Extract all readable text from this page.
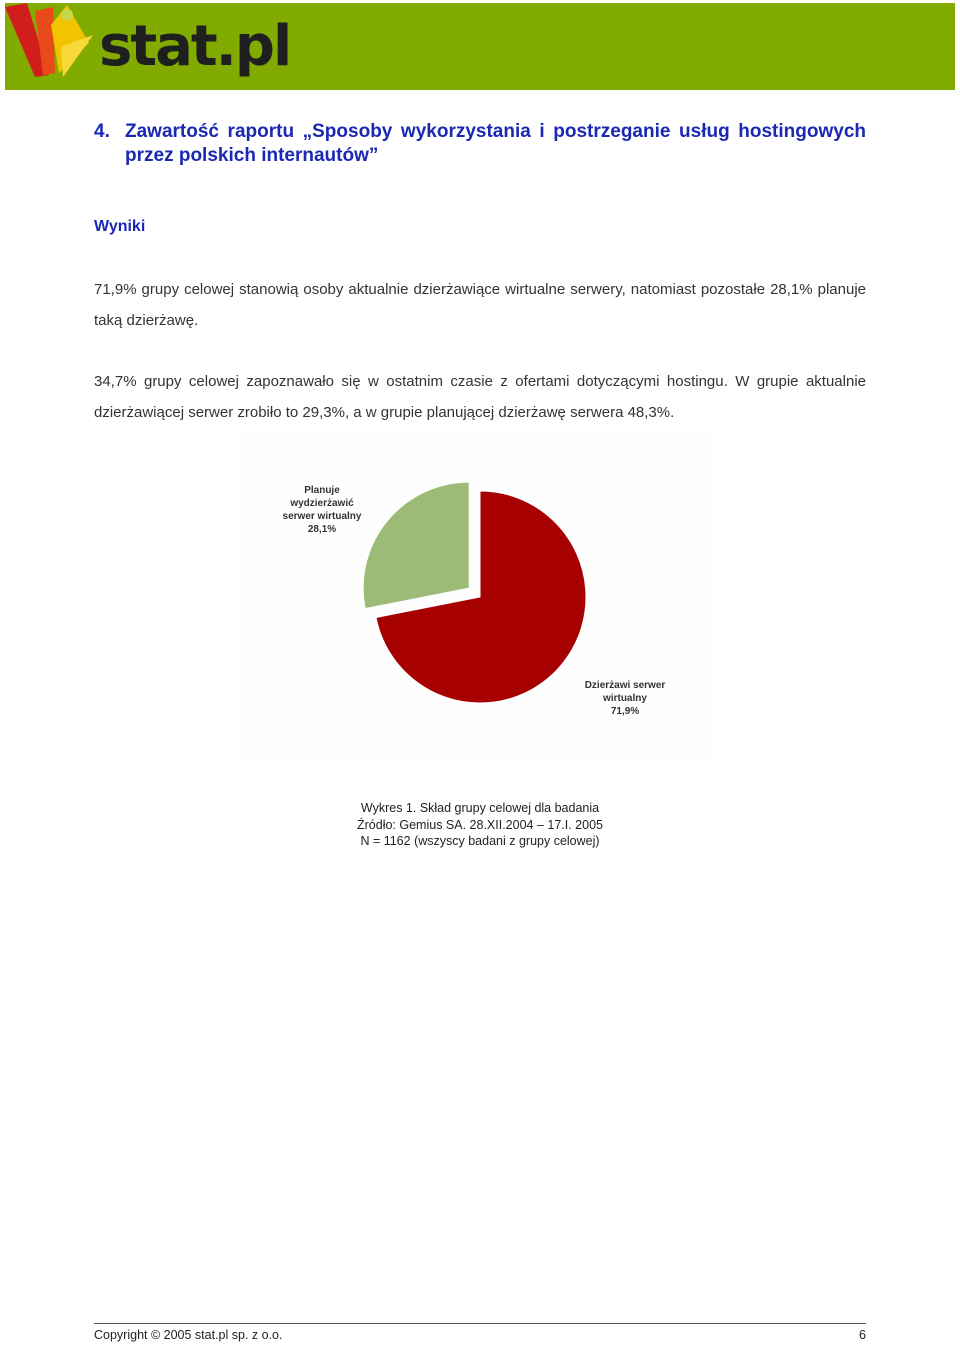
stat.pl
4. Zawartość raportu „Sposoby wykorzystania i postrzeganie usług hostingowych przez polskich internautów”
Wyniki

71,9% grupy celowej stanowią osoby aktualnie dzierżawiące wirtualne serwery, natomiast pozostałe 28,1% planuje taką dzierżawę.

34,7% grupy celowej zapoznawało się w ostatnim czasie z ofertami dotyczącymi hostingu. W grupie aktualnie dzierżawiącej serwer zrobiło to 29,3%, a w grupie planującej dzierżawę serwera 48,3%.

Dzierżawi serwer wirtualny 71,9%
Planuje wydzierżawić serwer wirtualny 28,1%
Wykres 1. Skład grupy celowej dla badania
Źródło: Gemius SA. 28.XII.2004 – 17.I. 2005
N = 1162 (wszyscy badani z grupy celowej)
Copyright © 2005 stat.pl sp. z o.o.	6
